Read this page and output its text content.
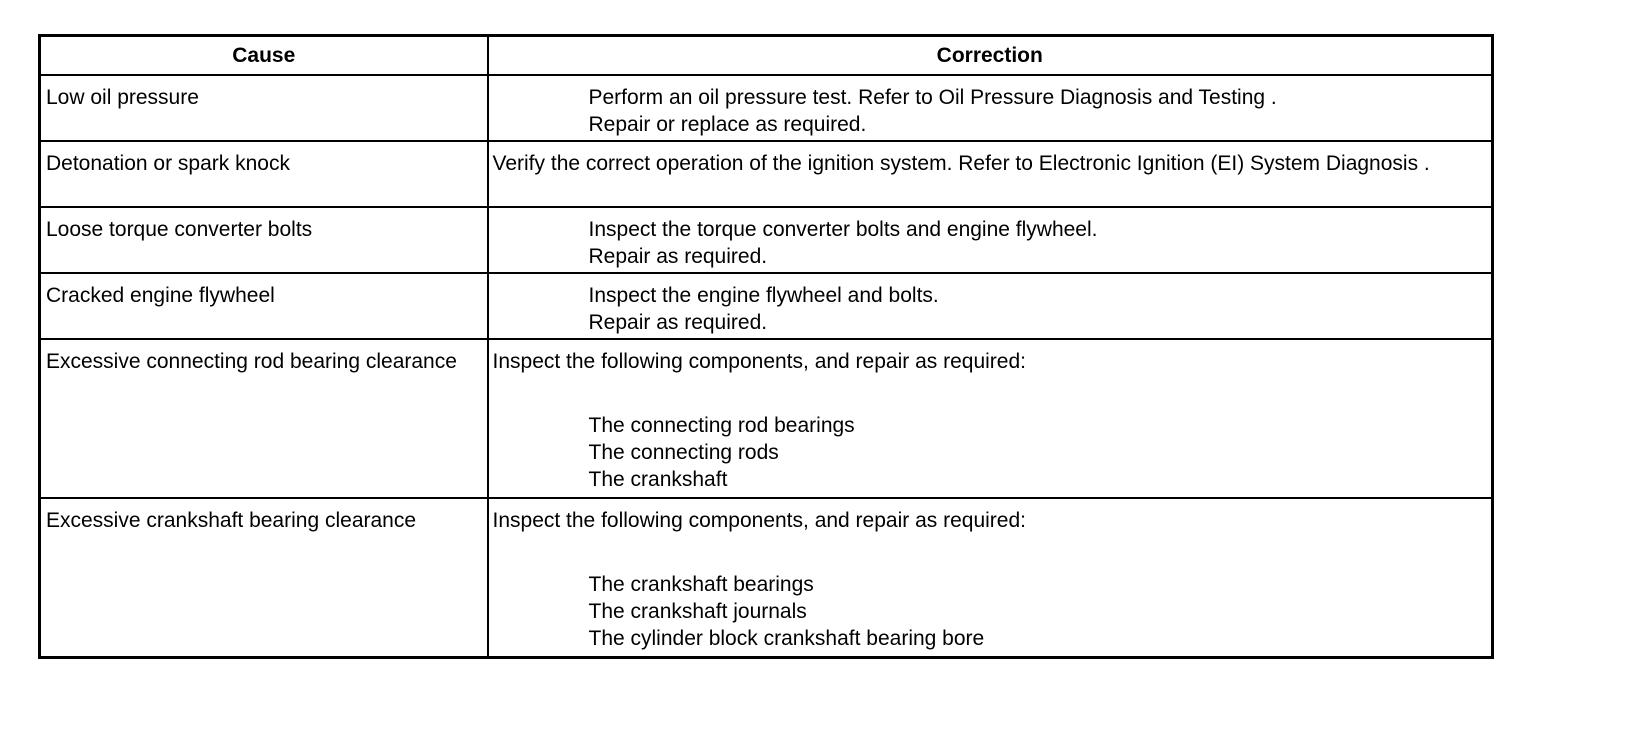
Cause	Correction
Low oil pressure	Perform an oil pressure test. Refer to Oil Pressure Diagnosis and Testing .
Repair or replace as required.

Detonation or spark knock	Verify the correct operation of the ignition system. Refer to Electronic Ignition (EI) System Diagnosis .

Loose torque converter bolts	Inspect the torque converter bolts and engine flywheel.
Repair as required.

Cracked engine flywheel	Inspect the engine flywheel and bolts.
Repair as required.

Excessive connecting rod bearing clearance	Inspect the following components, and repair as required:
The connecting rod bearings
The connecting rods
The crankshaft

Excessive crankshaft bearing clearance	Inspect the following components, and repair as required:
The crankshaft bearings
The crankshaft journals
The cylinder block crankshaft bearing bore
